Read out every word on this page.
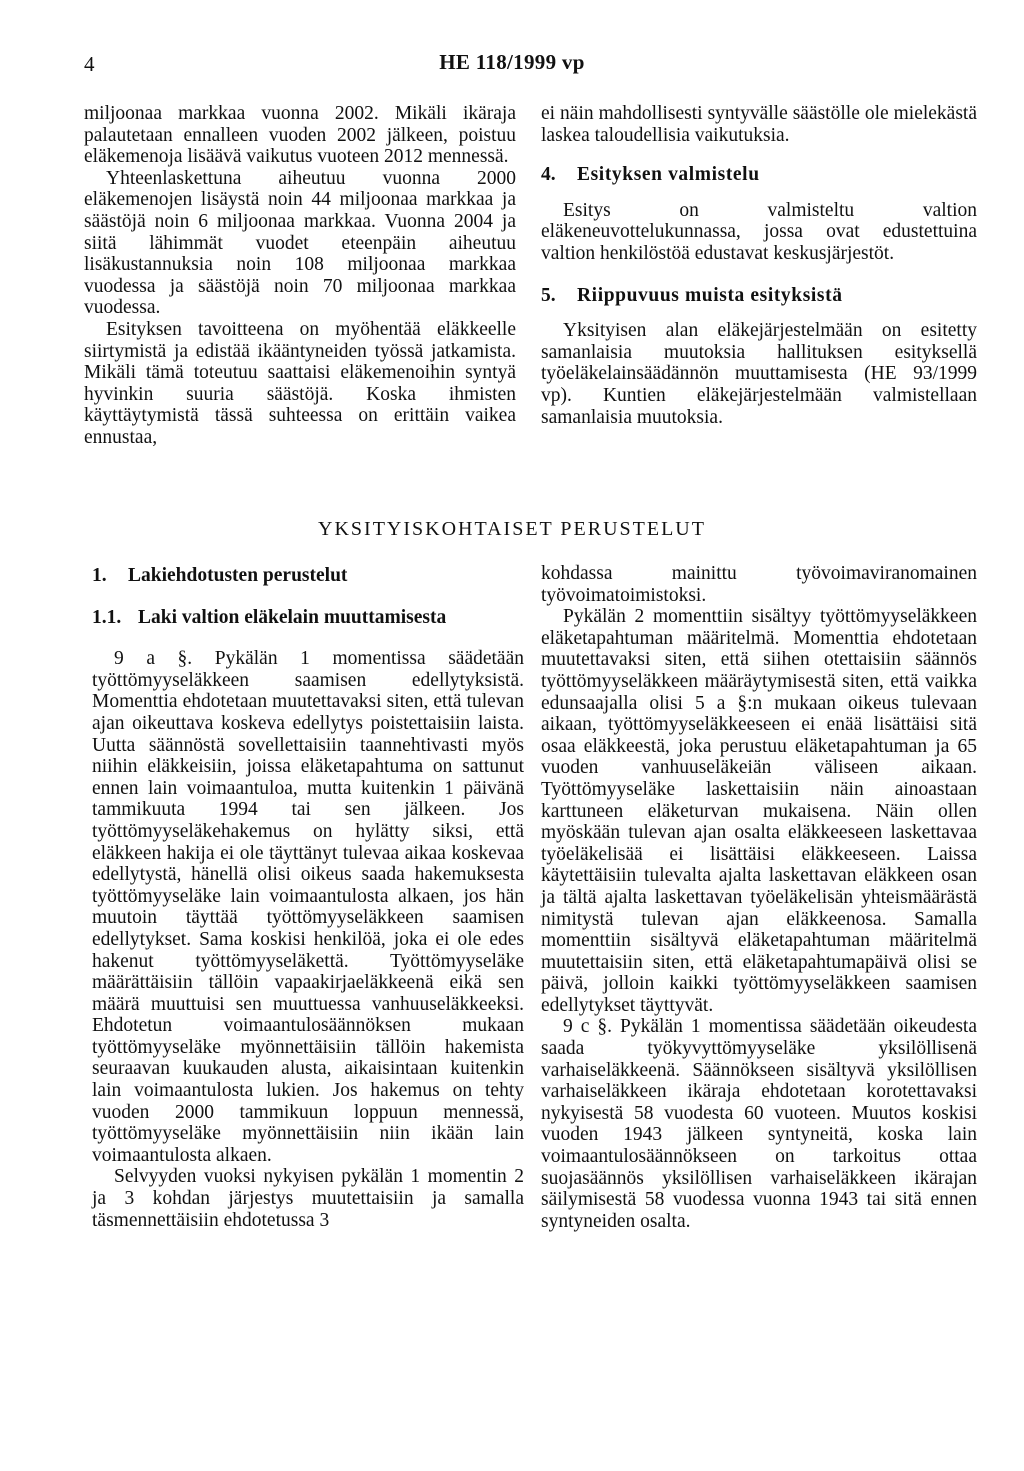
4	HE 118/1999 vp

miljoonaa markkaa vuonna 2002. Mikäli ikäraja palautetaan ennalleen vuoden 2002 jälkeen, poistuu eläkemenoja lisäävä vaikutus vuoteen 2012 mennessä.

Yhteenlaskettuna aiheutuu vuonna 2000 eläkemenojen lisäystä noin 44 miljoonaa markkaa ja säästöjä noin 6 miljoonaa markkaa. Vuonna 2004 ja siitä lähimmät vuodet eteenpäin aiheutuu lisäkustannuksia noin 108 miljoonaa markkaa vuodessa ja säästöjä noin 70 miljoonaa markkaa vuodessa.

Esityksen tavoitteena on myöhentää eläkkeelle siirtymistä ja edistää ikääntyneiden työssä jatkamista. Mikäli tämä toteutuu saattaisi eläkemenoihin syntyä hyvinkin suuria säästöjä. Koska ihmisten käyttäytymistä tässä suhteessa on erittäin vaikea ennustaa,

ei näin mahdollisesti syntyvälle säästölle ole mielekästä laskea taloudellisia vaikutuksia.

4.	Esityksen valmistelu

Esitys on valmisteltu valtion eläkeneuvottelukunnassa, jossa ovat edustettuina valtion henkilöstöä edustavat keskusjärjestöt.

5.	Riippuvuus muista esityksistä

Yksityisen alan eläkejärjestelmään on esitetty samanlaisia muutoksia hallituksen esityksellä työeläkelainsäädännön muuttamisesta (HE 93/1999 vp). Kuntien eläkejärjestelmään valmistellaan samanlaisia muutoksia.

YKSITYISKOHTAISET PERUSTELUT
1.	Lakiehdotusten perustelut
1.1. Laki valtion eläkelain muuttamisesta

9 a §. Pykälän 1 momentissa säädetään työttömyyseläkkeen saamisen edellytyksistä. Momenttia ehdotetaan muutettavaksi siten, että tulevan ajan oikeuttava koskeva edellytys poistettaisiin laista. Uutta säännöstä sovellettaisiin taannehtivasti myös niihin eläkkeisiin, joissa eläketapahtuma on sattunut ennen lain voimaantuloa, mutta kuitenkin 1 päivänä tammikuuta 1994 tai sen jälkeen. Jos työttömyyseläkehakemus on hylätty siksi, että eläkkeen hakija ei ole täyttänyt tulevaa aikaa koskevaa edellytystä, hänellä olisi oikeus saada hakemuksesta työttömyyseläke lain voimaantulosta alkaen, jos hän muutoin täyttää työttömyyseläkkeen saamisen edellytykset. Sama koskisi henkilöä, joka ei ole edes hakenut työttömyyseläkettä. Työttömyyseläke määrättäisiin tällöin vapaakirjaeläkkeenä eikä sen määrä muuttuisi sen muuttuessa vanhuuseläkkeeksi. Ehdotetun voimaantulosäännöksen mukaan työttömyyseläke myönnettäisiin tällöin hakemista seuraavan kuukauden alusta, aikaisintaan kuitenkin lain voimaantulosta lukien. Jos hakemus on tehty vuoden 2000 tammikuun loppuun mennessä, työttömyyseläke myönnettäisiin niin ikään lain voimaantulosta alkaen.

Selvyyden vuoksi nykyisen pykälän 1 momentin 2 ja 3 kohdan järjestys muutettaisiin ja samalla täsmennettäisiin ehdotetussa 3

kohdassa mainittu työvoimaviranomainen työvoimatoimistoksi.

Pykälän 2 momenttiin sisältyy työttömyyseläkkeen eläketapahtuman määritelmä. Momenttia ehdotetaan muutettavaksi siten, että siihen otettaisiin säännös työttömyyseläkkeen määräytymisestä siten, että vaikka edunsaajalla olisi 5 a §:n mukaan oikeus tulevaan aikaan, työttömyyseläkkeeseen ei enää lisättäisi sitä osaa eläkkeestä, joka perustuu eläketapahtuman ja 65 vuoden vanhuuseläkeiän väliseen aikaan. Työttömyyseläke laskettaisiin näin ainoastaan karttuneen eläketurvan mukaisena. Näin ollen myöskään tulevan ajan osalta eläkkeeseen laskettavaa työeläkelisää ei lisättäisi eläkkeeseen. Laissa käytettäisiin tulevalta ajalta laskettavan eläkkeen osan ja tältä ajalta laskettavan työeläkelisän yhteismäärästä nimitystä tulevan ajan eläkkeenosa. Samalla momenttiin sisältyvä eläketapahtuman määritelmä muutettaisiin siten, että eläketapahtumapäivä olisi se päivä, jolloin kaikki työttömyyseläkkeen saamisen edellytykset täyttyvät.

9 c §. Pykälän 1 momentissa säädetään oikeudesta saada työkyvyttömyyseläke yksilöllisenä varhaiseläkkeenä. Säännökseen sisältyvä yksilöllisen varhaiseläkkeen ikäraja ehdotetaan korotettavaksi nykyisestä 58 vuodesta 60 vuoteen. Muutos koskisi vuoden 1943 jälkeen syntyneitä, koska lain voimaantulosäännökseen on tarkoitus ottaa suojasäännös yksilöllisen varhaiseläkkeen ikärajan säilymisestä 58 vuodessa vuonna 1943 tai sitä ennen syntyneiden osalta.
